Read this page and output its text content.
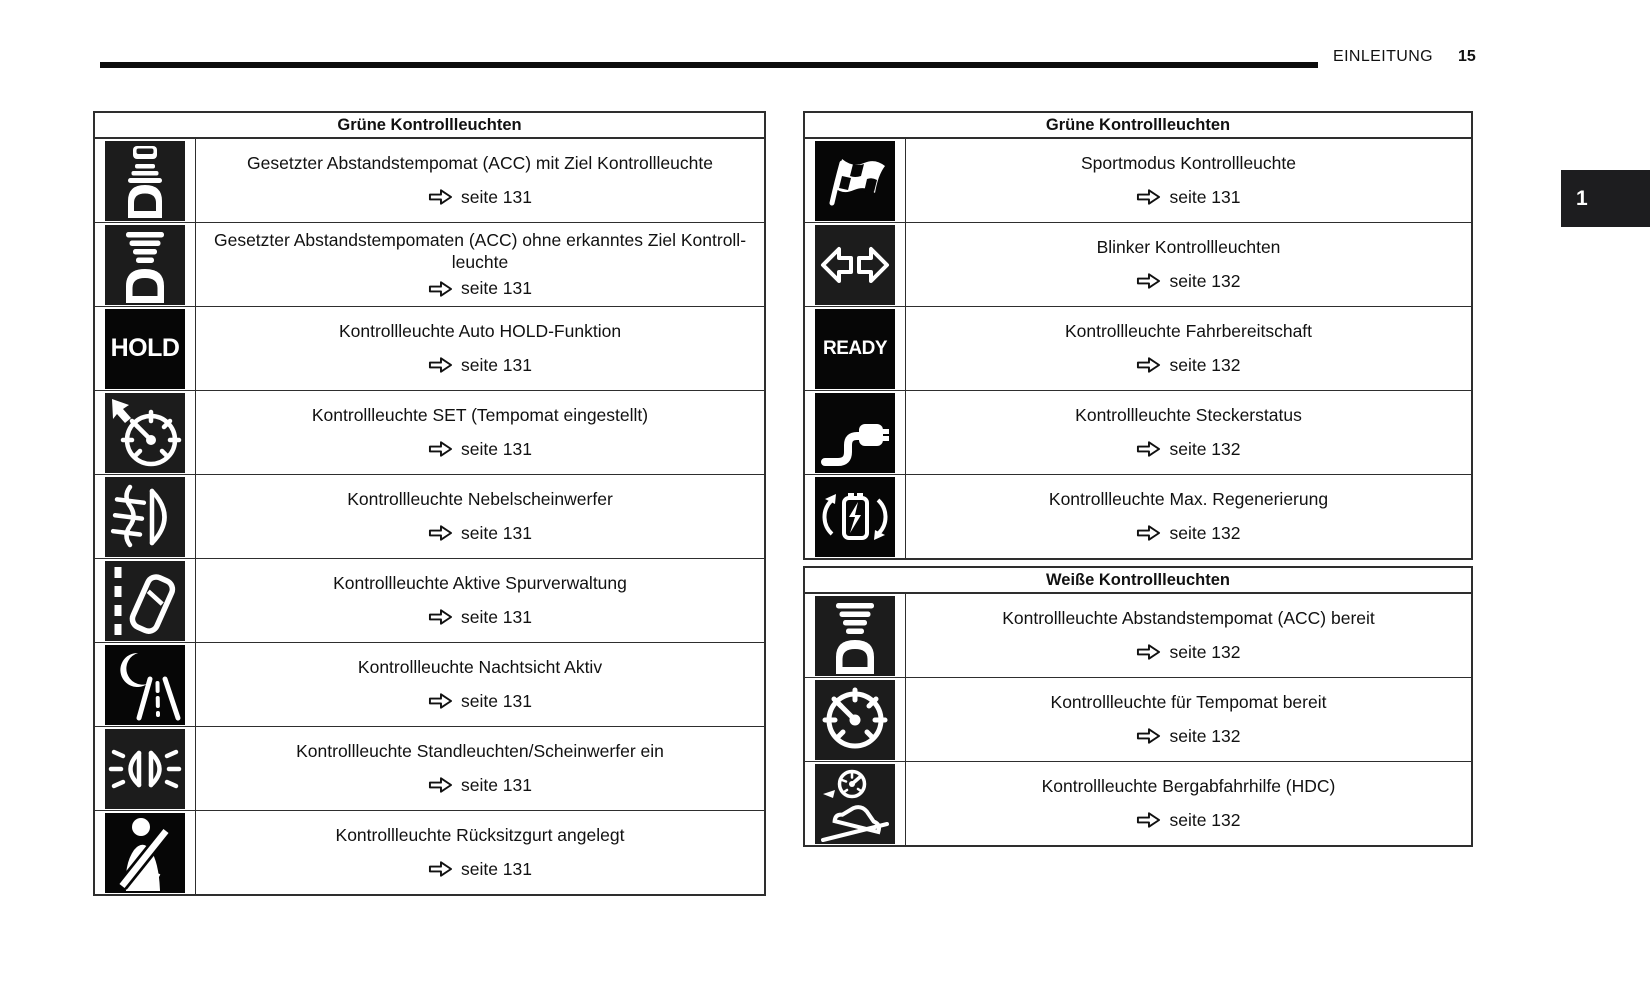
EINLEITUNG 15
1
Grüne Kontrollleuchten
Gesetzter Abstandstempomat (ACC) mit Ziel Kontrollleuchte
seite 131
Gesetzter Abstandstempomaten (ACC) ohne erkanntes Ziel Kontroll-leuchte
seite 131
HOLD
Kontrollleuchte Auto HOLD-Funktion
seite 131
Kontrollleuchte SET (Tempomat eingestellt)
seite 131
Kontrollleuchte Nebelscheinwerfer
seite 131
Kontrollleuchte Aktive Spurverwaltung
seite 131
Kontrollleuchte Nachtsicht Aktiv
seite 131
Kontrollleuchte Standleuchten/Scheinwerfer ein
seite 131
Kontrollleuchte Rücksitzgurt angelegt
seite 131
Grüne Kontrollleuchten
Sportmodus Kontrollleuchte
seite 131
Blinker Kontrollleuchten
seite 132
READY
Kontrollleuchte Fahrbereitschaft
seite 132
Kontrollleuchte Steckerstatus
seite 132
Kontrollleuchte Max. Regenerierung
seite 132
Weiße Kontrollleuchten
Kontrollleuchte Abstandstempomat (ACC) bereit
seite 132
Kontrollleuchte für Tempomat bereit
seite 132
Kontrollleuchte Bergabfahrhilfe (HDC)
seite 132
